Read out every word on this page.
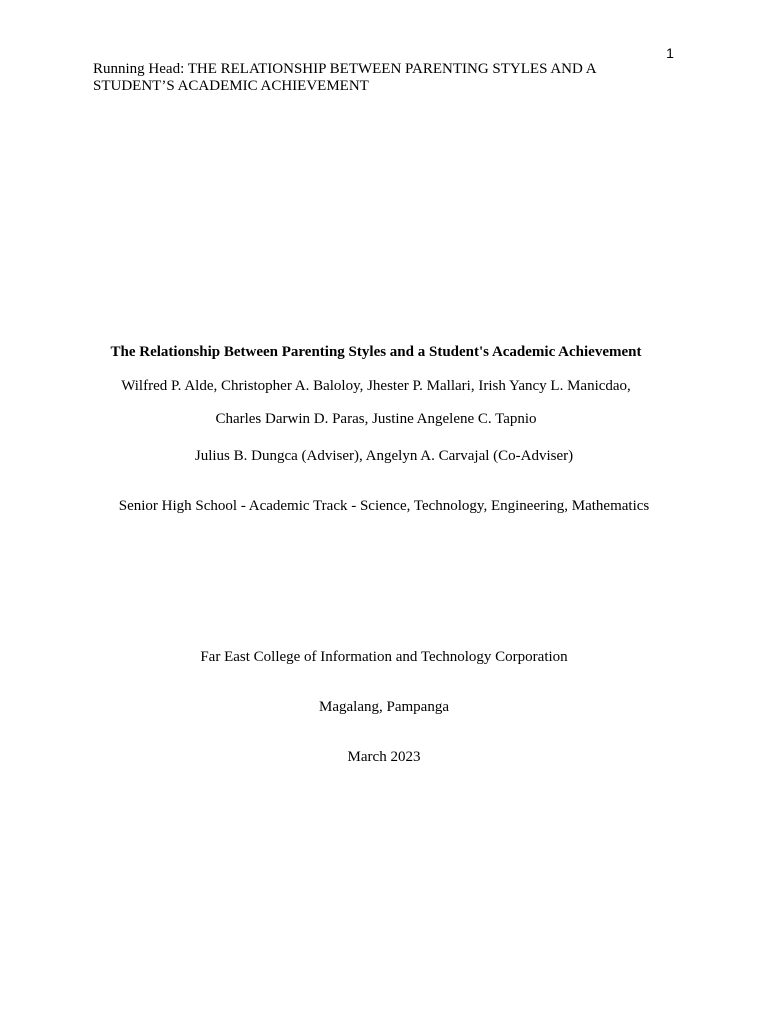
1
Running Head: THE RELATIONSHIP BETWEEN PARENTING STYLES AND A
STUDENT’S ACADEMIC ACHIEVEMENT
The Relationship Between Parenting Styles and a Student's Academic Achievement
Wilfred P. Alde, Christopher A. Baloloy, Jhester P. Mallari, Irish Yancy L. Manicdao,
Charles Darwin D. Paras, Justine Angelene C. Tapnio
Julius B. Dungca (Adviser), Angelyn A. Carvajal (Co-Adviser)
Senior High School - Academic Track - Science, Technology, Engineering, Mathematics
Far East College of Information and Technology Corporation
Magalang, Pampanga
March 2023
